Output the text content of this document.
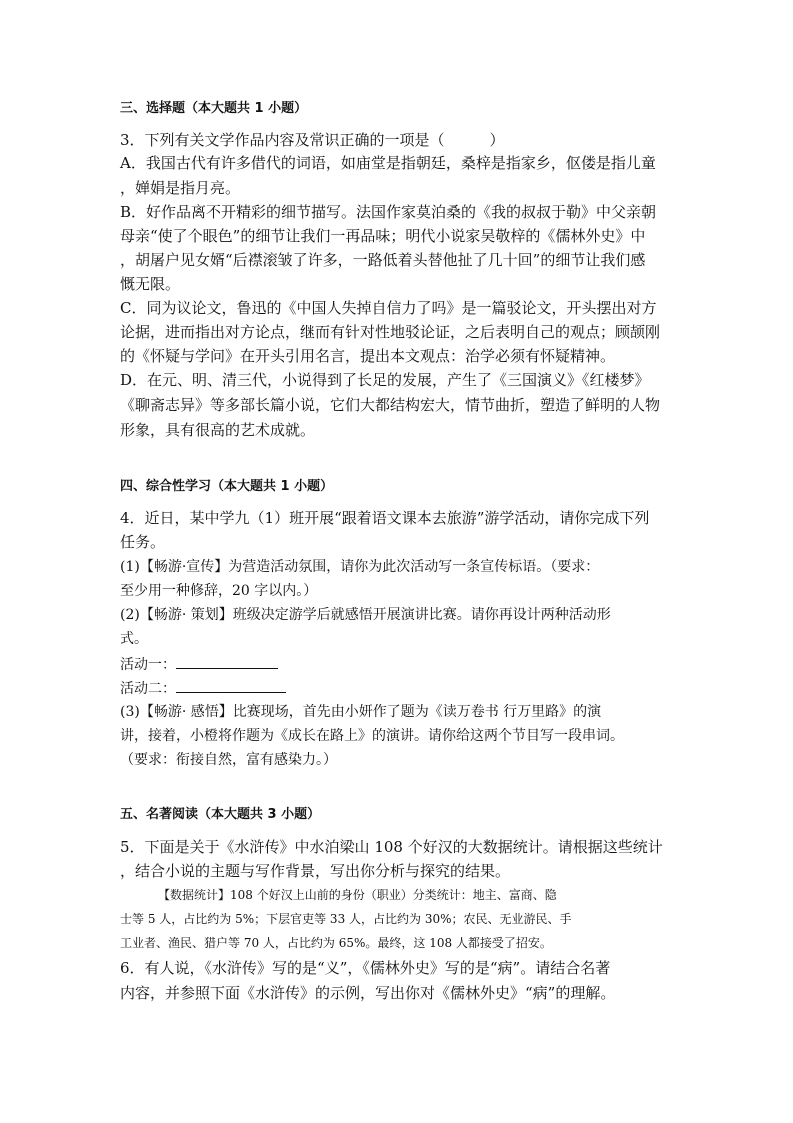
三、选择题（本大题共 1 小题）
3．下列有关文学作品内容及常识正确的一项是（　　　）
A．我国古代有许多借代的词语，如庙堂是指朝廷，桑梓是指家乡，伛偻是指儿童
，婵娟是指月亮。
B．好作品离不开精彩的细节描写。法国作家莫泊桑的《我的叔叔于勒》中父亲朝
母亲“使了个眼色”的细节让我们一再品味；明代小说家吴敬梓的《儒林外史》中
，胡屠户见女婿“后襟滚皱了许多，一路低着头替他扯了几十回”的细节让我们感
慨无限。
C．同为议论文，鲁迅的《中国人失掉自信力了吗》是一篇驳论文，开头摆出对方
论据，进而指出对方论点，继而有针对性地驳论证，之后表明自己的观点；顾颉刚
的《怀疑与学问》在开头引用名言，提出本文观点：治学必须有怀疑精神。
D．在元、明、清三代，小说得到了长足的发展，产生了《三国演义》《红楼梦》
《聊斋志异》等多部长篇小说，它们大都结构宏大，情节曲折，塑造了鲜明的人物
形象，具有很高的艺术成就。
四、综合性学习（本大题共 1 小题）
4．近日，某中学九（1）班开展“跟着语文课本去旅游”游学活动，请你完成下列
任务。
(1)【畅游·宣传】为营造活动氛围，请你为此次活动写一条宣传标语。（要求：
至少用一种修辞，20 字以内。）
(2)【畅游· 策划】班级决定游学后就感悟开展演讲比赛。请你再设计两种活动形
式。
活动一：
活动二：
(3)【畅游· 感悟】比赛现场，首先由小妍作了题为《读万卷书 行万里路》的演
讲，接着，小橙将作题为《成长在路上》的演讲。请你给这两个节目写一段串词。
（要求：衔接自然，富有感染力。）
五、名著阅读（本大题共 3 小题）
5．下面是关于《水浒传》中水泊梁山 108 个好汉的大数据统计。请根据这些统计
，结合小说的主题与写作背景，写出你分析与探究的结果。
【数据统计】108 个好汉上山前的身份（职业）分类统计：地主、富商、隐
士等 5 人，占比约为 5%；下层官吏等 33 人，占比约为 30%；农民、无业游民、手
工业者、渔民、猎户等 70 人，占比约为 65%。最终，这 108 人都接受了招安。
6．有人说，《水浒传》写的是“义”，《儒林外史》写的是“病”。请结合名著
内容，并参照下面《水浒传》的示例，写出你对《儒林外史》“病”的理解。
